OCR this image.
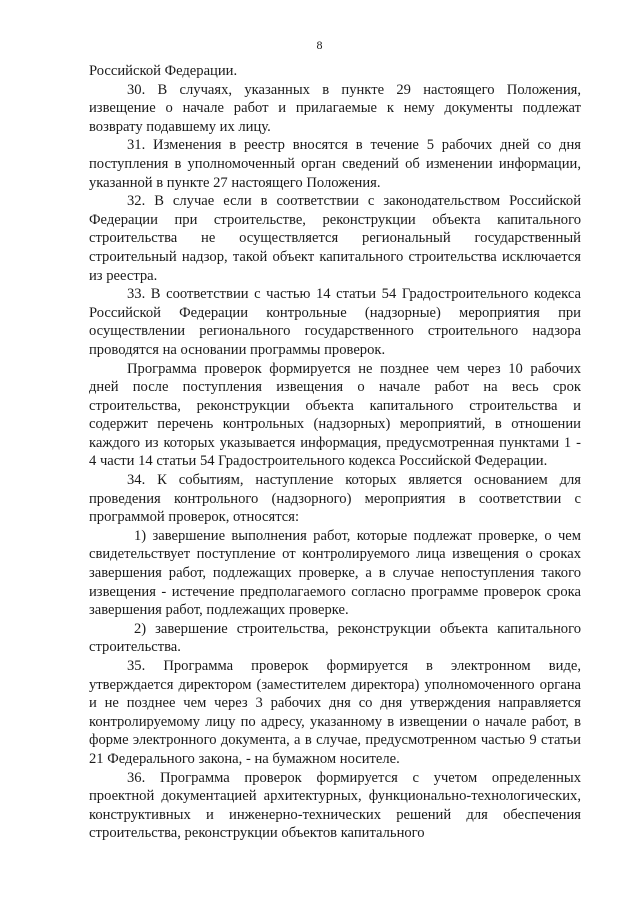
8

Российской Федерации.

30. В случаях, указанных в пункте 29 настоящего Положения, извещение о начале работ и прилагаемые к нему документы подлежат возврату подавшему их лицу.

31. Изменения в реестр вносятся в течение 5 рабочих дней со дня поступления в уполномоченный орган сведений об изменении информации, указанной в пункте 27 настоящего Положения.

32. В случае если в соответствии с законодательством Российской Федерации при строительстве, реконструкции объекта капитального строительства не осуществляется региональный государственный строительный надзор, такой объект капитального строительства исключается из реестра.

33. В соответствии с частью 14 статьи 54 Градостроительного кодекса Российской Федерации контрольные (надзорные) мероприятия при осуществлении регионального государственного строительного надзора проводятся на основании программы проверок.

Программа проверок формируется не позднее чем через 10 рабочих дней после поступления извещения о начале работ на весь срок строительства, реконструкции объекта капитального строительства и содержит перечень контрольных (надзорных) мероприятий, в отношении каждого из которых указывается информация, предусмотренная пунктами 1 - 4 части 14 статьи 54 Градостроительного кодекса Российской Федерации.

34. К событиям, наступление которых является основанием для проведения контрольного (надзорного) мероприятия в соответствии с программой проверок, относятся:

1) завершение выполнения работ, которые подлежат проверке, о чем свидетельствует поступление от контролируемого лица извещения о сроках завершения работ, подлежащих проверке, а в случае непоступления такого извещения - истечение предполагаемого согласно программе проверок срока завершения работ, подлежащих проверке.

2) завершение строительства, реконструкции объекта капитального строительства.

35. Программа проверок формируется в электронном виде, утверждается директором (заместителем директора) уполномоченного органа и не позднее чем через 3 рабочих дня со дня утверждения направляется контролируемому лицу по адресу, указанному в извещении о начале работ, в форме электронного документа, а в случае, предусмотренном частью 9 статьи 21 Федерального закона, - на бумажном носителе.

36. Программа проверок формируется с учетом определенных проектной документацией архитектурных, функционально-технологических, конструктивных и инженерно-технических решений для обеспечения строительства, реконструкции объектов капитального
